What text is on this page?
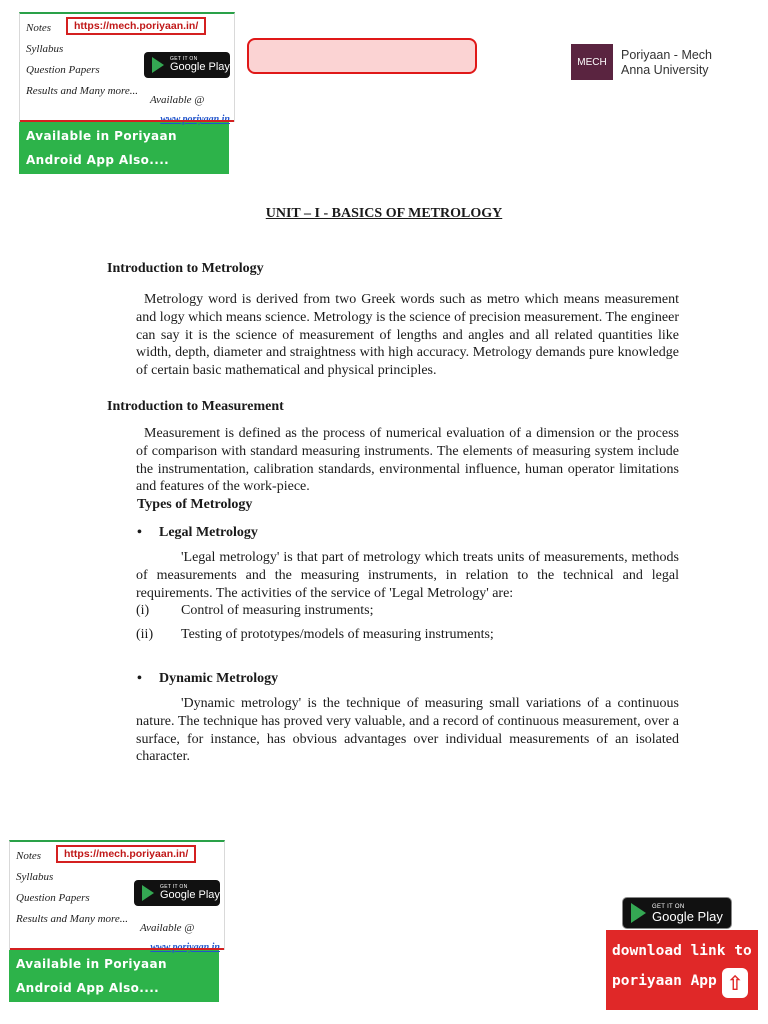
Notes
Syllabus
Question Papers
Results and Many more...
https://mech.poriyaan.in/
GET IT ON
Google Play
Available @
Available in Poriyaan Android App Also....
MECH	Poriyaan - Mech
Anna University
UNIT – I - BASICS OF METROLOGY
Introduction to Metrology
Metrology word is derived from two Greek words such as metro which means measurement and logy which means science. Metrology is the science of precision measurement. The engineer can say it is the science of measurement of lengths and angles and all related quantities like width, depth, diameter and straightness with high accuracy. Metrology demands pure knowledge of certain basic mathematical and physical principles.
Introduction to Measurement
Measurement is defined as the process of numerical evaluation of a dimension or the process of comparison with standard measuring instruments. The elements of measuring system include the instrumentation, calibration standards, environmental influence, human operator limitations and features of the work-piece.
Types of Metrology
• Legal Metrology
'Legal metrology' is that part of metrology which treats units of measurements, methods of measurements and the measuring instruments, in relation to the technical and legal requirements. The activities of the service of 'Legal Metrology' are:
(i) Control of measuring instruments;
(ii) Testing of prototypes/models of measuring instruments;
• Dynamic Metrology
'Dynamic metrology' is the technique of measuring small variations of a continuous nature. The technique has proved very valuable, and a record of continuous measurement, over a surface, for instance, has obvious advantages over individual measurements of an isolated character.
Notes
Syllabus
Question Papers
Results and Many more...
https://mech.poriyaan.in/
GET IT ON
Google Play
Available @
Available in Poriyaan Android App Also....
GET IT ON
Google Play
download link to poriyaan App ⇧
